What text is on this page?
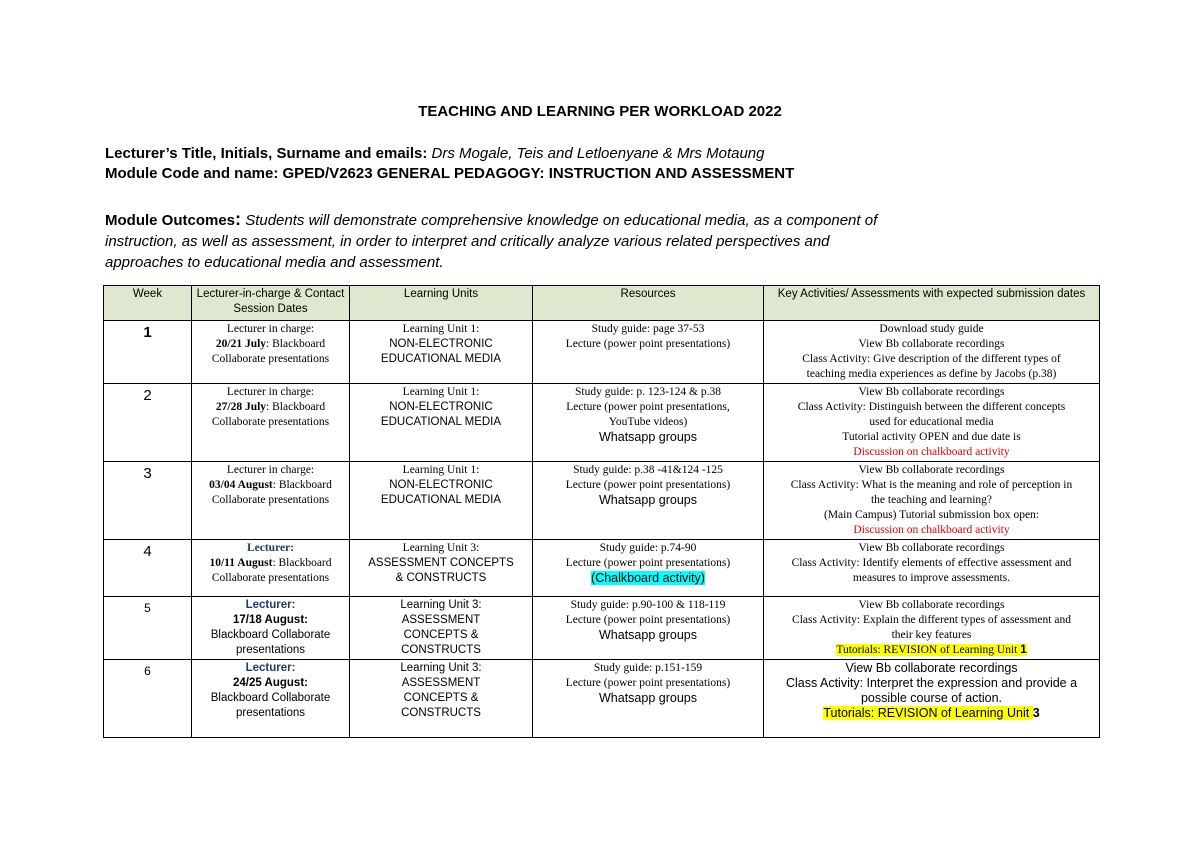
TEACHING AND LEARNING PER WORKLOAD 2022
Lecturer’s Title, Initials, Surname and emails: Drs Mogale, Teis and Letloenyane & Mrs Motaung
Module Code and name: GPED/V2623 GENERAL PEDAGOGY: INSTRUCTION AND ASSESSMENT
Module Outcomes: Students will demonstrate comprehensive knowledge on educational media, as a component of
instruction, as well as assessment, in order to interpret and critically analyze various related perspectives and
approaches to educational media and assessment.
Week	Lecturer-in-charge & Contact Session Dates	Learning Units	Resources	Key Activities/ Assessments with expected submission dates
1	Lecturer in charge:
20/21 July: Blackboard
Collaborate presentations	Learning Unit 1:
NON-ELECTRONIC
EDUCATIONAL MEDIA	Study guide: page 37-53
Lecture (power point presentations)	Download study guide
View Bb collaborate recordings
Class Activity: Give description of the different types of
teaching media experiences as define by Jacobs (p.38)

2	Lecturer in charge:
27/28 July: Blackboard
Collaborate presentations	Learning Unit 1:
NON-ELECTRONIC
EDUCATIONAL MEDIA	Study guide: p. 123-124 & p.38
Lecture (power point presentations,
YouTube videos)
Whatsapp groups	View Bb collaborate recordings
Class Activity: Distinguish between the different concepts
used for educational media
Tutorial activity OPEN and due date is
Discussion on chalkboard activity

3	Lecturer in charge:
03/04 August: Blackboard
Collaborate presentations	Learning Unit 1:
NON-ELECTRONIC
EDUCATIONAL MEDIA	Study guide: p.38 -41&124 -125
Lecture (power point presentations)
Whatsapp groups	View Bb collaborate recordings
Class Activity: What is the meaning and role of perception in
the teaching and learning?
(Main Campus) Tutorial submission box open:
Discussion on chalkboard activity

4	Lecturer:
10/11 August: Blackboard
Collaborate presentations	Learning Unit 3:
ASSESSMENT CONCEPTS
& CONSTRUCTS	Study guide: p.74-90
Lecture (power point presentations)
(Chalkboard activity)	View Bb collaborate recordings
Class Activity: Identify elements of effective assessment and
measures to improve assessments.

5	Lecturer:
17/18 August:
Blackboard Collaborate
presentations	Learning Unit 3:
ASSESSMENT
CONCEPTS &
CONSTRUCTS	Study guide: p.90-100 & 118-119
Lecture (power point presentations)
Whatsapp groups	View Bb collaborate recordings
Class Activity: Explain the different types of assessment and
their key features
Tutorials: REVISION of Learning Unit 1

6	Lecturer:
24/25 August:
Blackboard Collaborate
presentations	Learning Unit 3:
ASSESSMENT
CONCEPTS &
CONSTRUCTS	Study guide: p.151-159
Lecture (power point presentations)
Whatsapp groups	View Bb collaborate recordings
Class Activity: Interpret the expression and provide a
possible course of action.
Tutorials: REVISION of Learning Unit 3
